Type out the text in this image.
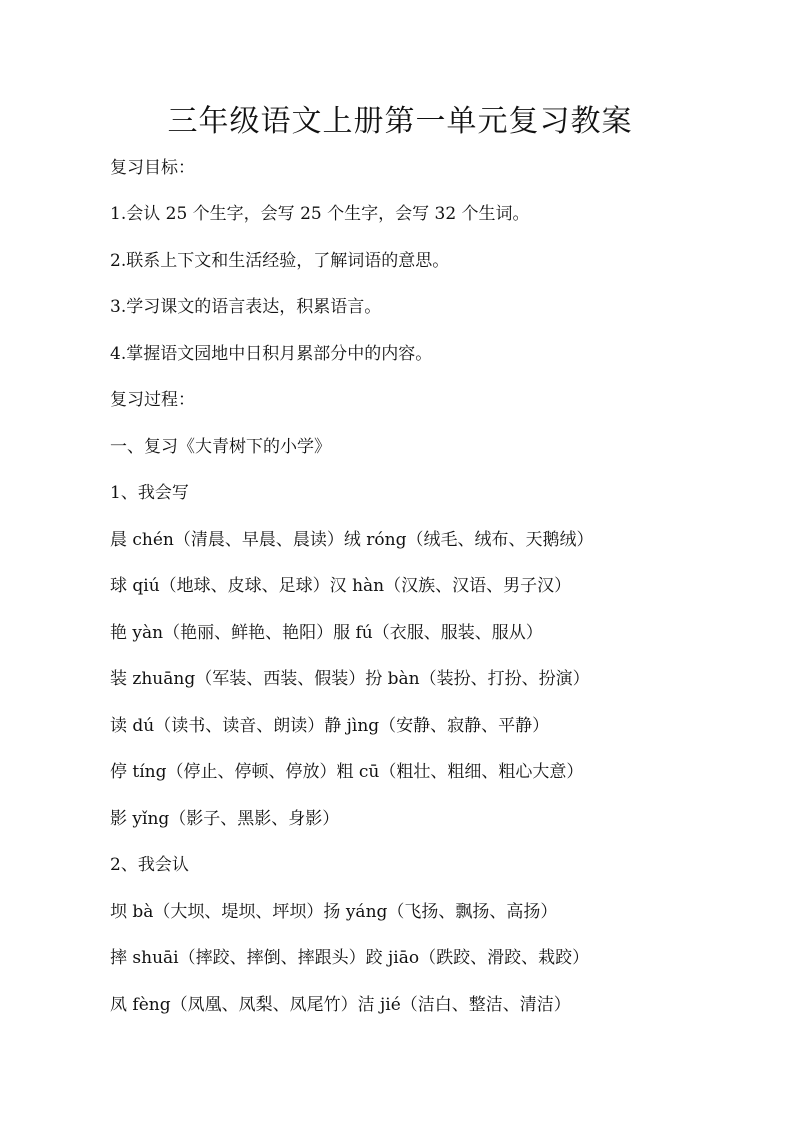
三年级语文上册第一单元复习教案
复习目标：
1.会认 25 个生字，会写 25 个生字，会写 32 个生词。
2.联系上下文和生活经验，了解词语的意思。
3.学习课文的语言表达，积累语言。
4.掌握语文园地中日积月累部分中的内容。
复习过程：
一、复习《大青树下的小学》
1、我会写
晨 chén（清晨、早晨、晨读）绒 róng（绒毛、绒布、天鹅绒）
球 qiú（地球、皮球、足球）汉 hàn（汉族、汉语、男子汉）
艳 yàn（艳丽、鲜艳、艳阳）服 fú（衣服、服装、服从）
装 zhuāng（军装、西装、假装）扮 bàn（装扮、打扮、扮演）
读 dú（读书、读音、朗读）静 jìng（安静、寂静、平静）
停 tíng（停止、停顿、停放）粗 cū（粗壮、粗细、粗心大意）
影 yǐng（影子、黑影、身影）
2、我会认
坝 bà（大坝、堤坝、坪坝）扬 yáng（飞扬、飘扬、高扬）
摔 shuāi（摔跤、摔倒、摔跟头）跤 jiāo（跌跤、滑跤、栽跤）
凤 fèng（凤凰、凤梨、凤尾竹）洁 jié（洁白、整洁、清洁）
